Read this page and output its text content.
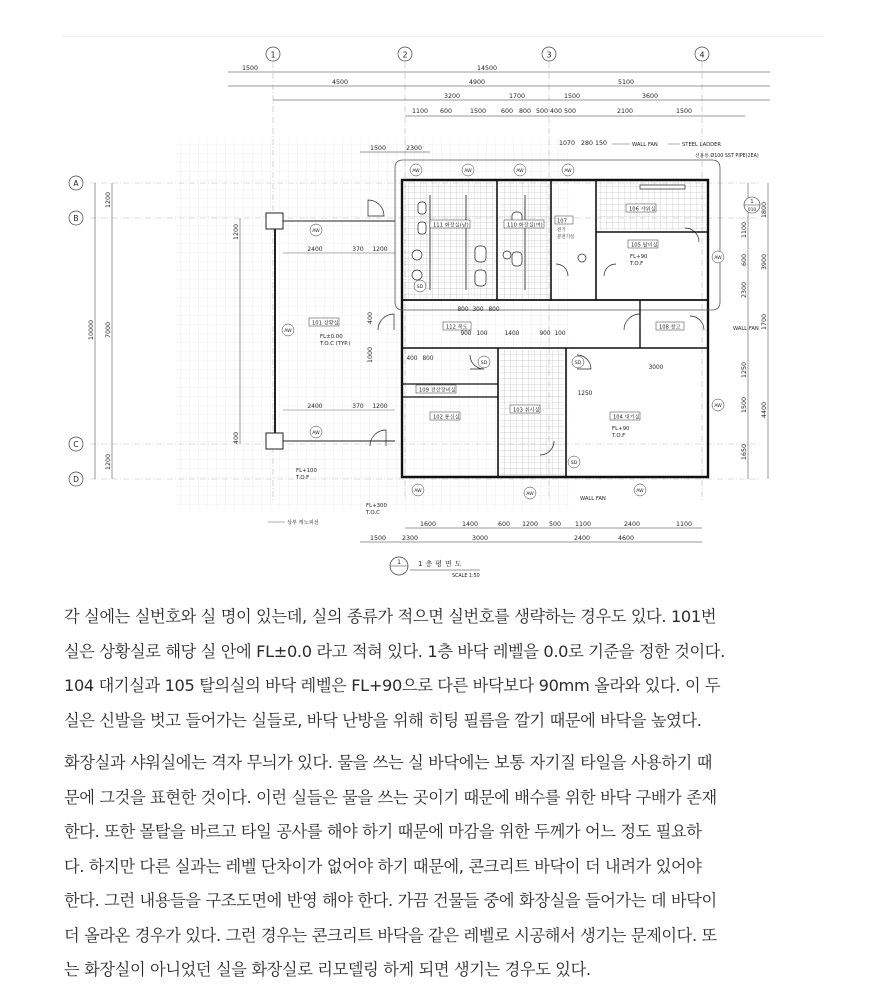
1	2	3	4
A
B
C
D
1500	14500
4500	4900	5100
3200	1700	1500	3600
1100 600	1500 600 800 500 400 500	2100	1500
1500	2300
1070 280 150
10000
1200
7000
1200
1200
400
1000
400
1800
3900
1700
4400
1100
600
2300
1250
1500
1650
2400	370 1200
2400	370 1200
101 상황실
102 통신실
103 취사실
104 대기실
105 탈의실
106 샤워실
107
전기
분전기실
108 창고
109 전산장비실
110 화장실(여)
111 화장실(남)
112 복도
FL±0.00
T.O.C (TYP.)
FL+90
T.O.F
FL+90
T.O.F
FL+100
T.O.F
FL+300
T.O.C
AW
AW
AW
AW	AW	AW	AW
AW
AW
AW
AW
AW
SD
SD	SD
SD
800 300 800
900 100	1400	900 100
3000
400 800
1250
WALL FAN	STEEL LADDER
선홈통 Ø100 SST PIPE(2EA)
WALL FAN
WALL FAN
상부 캐노피선
1
010
1600	1400	600 1200 500 1100	2400	1100
1500	2300	3000	2400	4600
1 1층평면도
SCALE 1:50
각 실에는 실번호와 실 명이 있는데, 실의 종류가 적으면 실번호를 생략하는 경우도 있다. 101번
실은 상황실로 해당 실 안에 FL±0.0 라고 적혀 있다. 1층 바닥 레벨을 0.0로 기준을 정한 것이다.
104 대기실과 105 탈의실의 바닥 레벨은 FL+90으로 다른 바닥보다 90mm 올라와 있다. 이 두
실은 신발을 벗고 들어가는 실들로, 바닥 난방을 위해 히팅 필름을 깔기 때문에 바닥을 높였다.
화장실과 샤워실에는 격자 무늬가 있다. 물을 쓰는 실 바닥에는 보통 자기질 타일을 사용하기 때
문에 그것을 표현한 것이다. 이런 실들은 물을 쓰는 곳이기 때문에 배수를 위한 바닥 구배가 존재
한다. 또한 몰탈을 바르고 타일 공사를 해야 하기 때문에 마감을 위한 두께가 어느 정도 필요하
다. 하지만 다른 실과는 레벨 단차이가 없어야 하기 때문에, 콘크리트 바닥이 더 내려가 있어야
한다. 그런 내용들을 구조도면에 반영 해야 한다. 가끔 건물들 중에 화장실을 들어가는 데 바닥이
더 올라온 경우가 있다. 그런 경우는 콘크리트 바닥을 같은 레벨로 시공해서 생기는 문제이다. 또
는 화장실이 아니었던 실을 화장실로 리모델링 하게 되면 생기는 경우도 있다.
